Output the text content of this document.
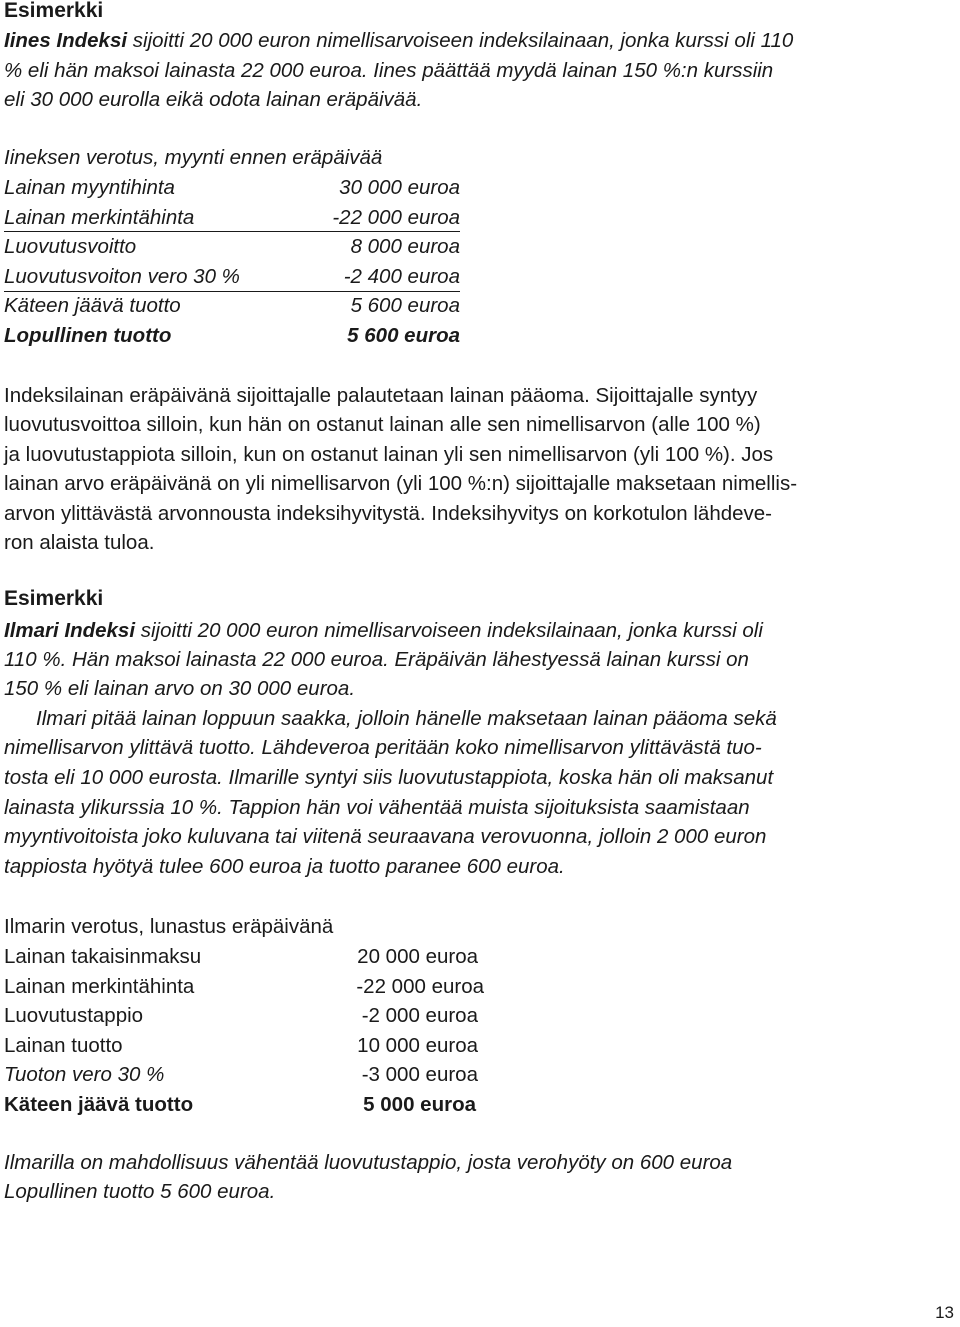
Esimerkki
Iines Indeksi sijoitti 20 000 euron nimellisarvoiseen indeksilainaan, jonka kurssi oli 110
% eli hän maksoi lainasta 22 000 euroa. Iines päättää myydä lainan 150 %:n kurssiin
eli 30 000 eurolla eikä odota lainan eräpäivää.
Iineksen verotus, myynti ennen eräpäivää
Lainan myyntihinta	30 000 euroa
Lainan merkintähinta	-22 000 euroa
Luovutusvoitto	8 000 euroa
Luovutusvoiton vero 30 %	-2 400 euroa
Käteen jäävä tuotto	5 600 euroa
Lopullinen tuotto	5 600 euroa
Indeksilainan eräpäivänä sijoittajalle palautetaan lainan pääoma. Sijoittajalle syntyy
luovutusvoittoa silloin, kun hän on ostanut lainan alle sen nimellisarvon (alle 100 %)
ja luovutustappiota silloin, kun on ostanut lainan yli sen nimellisarvon (yli 100 %). Jos
lainan arvo eräpäivänä on yli nimellisarvon (yli 100 %:n) sijoittajalle maksetaan nimellis-
arvon ylittävästä arvonnousta indeksihyvitystä. Indeksihyvitys on korkotulon lähdeve-
ron alaista tuloa.
Esimerkki
Ilmari Indeksi sijoitti 20 000 euron nimellisarvoiseen indeksilainaan, jonka kurssi oli
110 %. Hän maksoi lainasta 22 000 euroa. Eräpäivän lähestyessä lainan kurssi on
150 % eli lainan arvo on 30 000 euroa.
Ilmari pitää lainan loppuun saakka, jolloin hänelle maksetaan lainan pääoma sekä
nimellisarvon ylittävä tuotto. Lähdeveroa peritään koko nimellisarvon ylittävästä tuo-
tosta eli 10 000 eurosta. Ilmarille syntyi siis luovutustappiota, koska hän oli maksanut
lainasta ylikurssia 10 %. Tappion hän voi vähentää muista sijoituksista saamistaan
myyntivoitoista joko kuluvana tai viitenä seuraavana verovuonna, jolloin 2 000 euron
tappiosta hyötyä tulee 600 euroa ja tuotto paranee 600 euroa.
Ilmarin verotus, lunastus eräpäivänä
Lainan takaisinmaksu	20 000 euroa
Lainan merkintähinta	-22 000 euroa
Luovutustappio	-2 000 euroa
Lainan tuotto	10 000 euroa
Tuoton vero 30 %	-3 000 euroa
Käteen jäävä tuotto	5 000 euroa
Ilmarilla on mahdollisuus vähentää luovutustappio, josta verohyöty on 600 euroa
Lopullinen tuotto 5 600 euroa.
13
